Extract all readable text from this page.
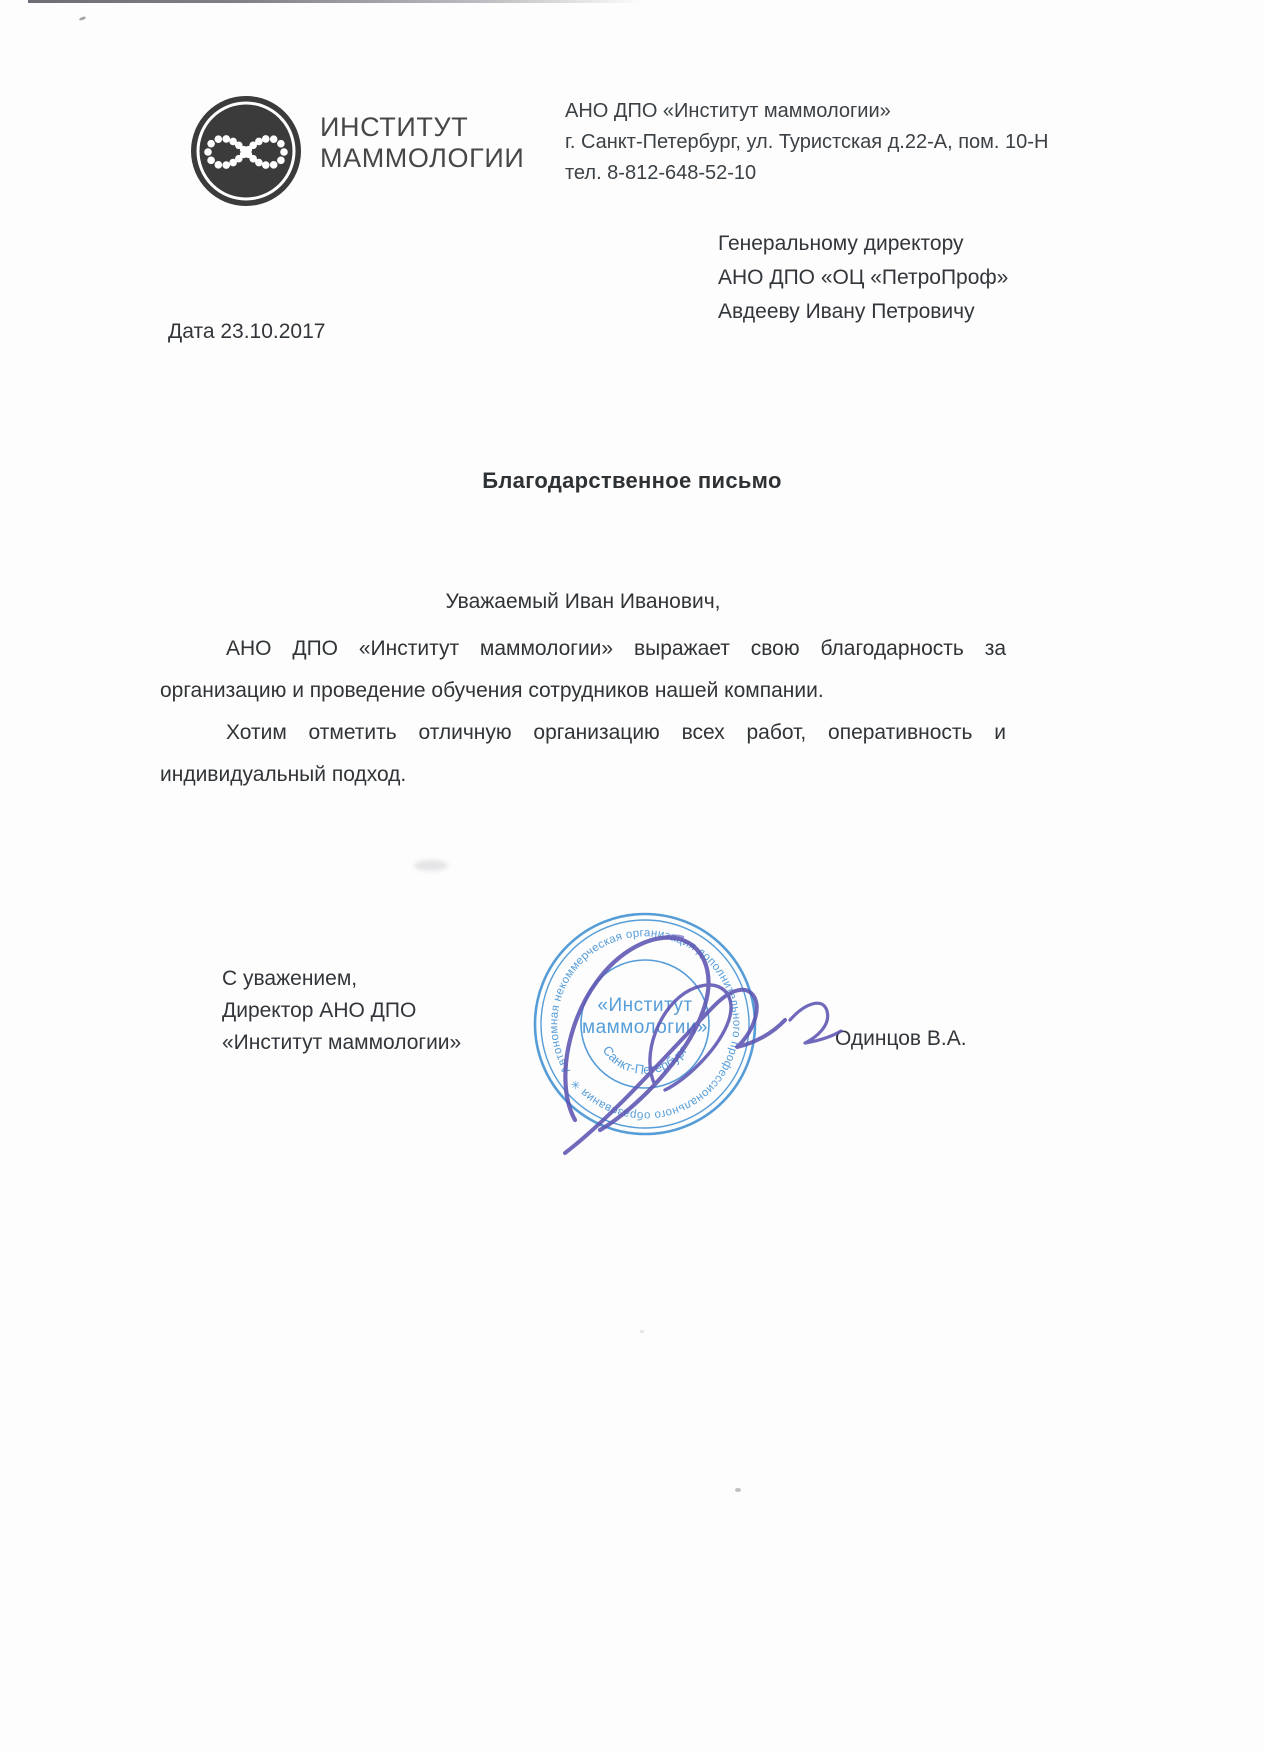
ИНСТИТУТ
МАММОЛОГИИ
АНО ДПО «Институт маммологии»
г. Санкт-Петербург, ул. Туристская д.22-А, пом. 10-Н
тел. 8-812-648-52-10
Генеральному директору
АНО ДПО «ОЦ «ПетроПроф»
Авдееву Ивану Петровичу
Дата 23.10.2017
Благодарственное письмо
Уважаемый Иван Иванович,
АНО ДПО «Институт маммологии» выражает свою благодарность за
организацию и проведение обучения сотрудников нашей компании.
Хотим отметить отличную организацию всех работ, оперативность и
индивидуальный подход.
С уважением,
Директор АНО ДПО
«Институт маммологии»	Одинцов В.А.
Автономная некоммерческая организация дополнительного профессионального образования ✳
«Институт
маммологии»
Санкт-Петербург
